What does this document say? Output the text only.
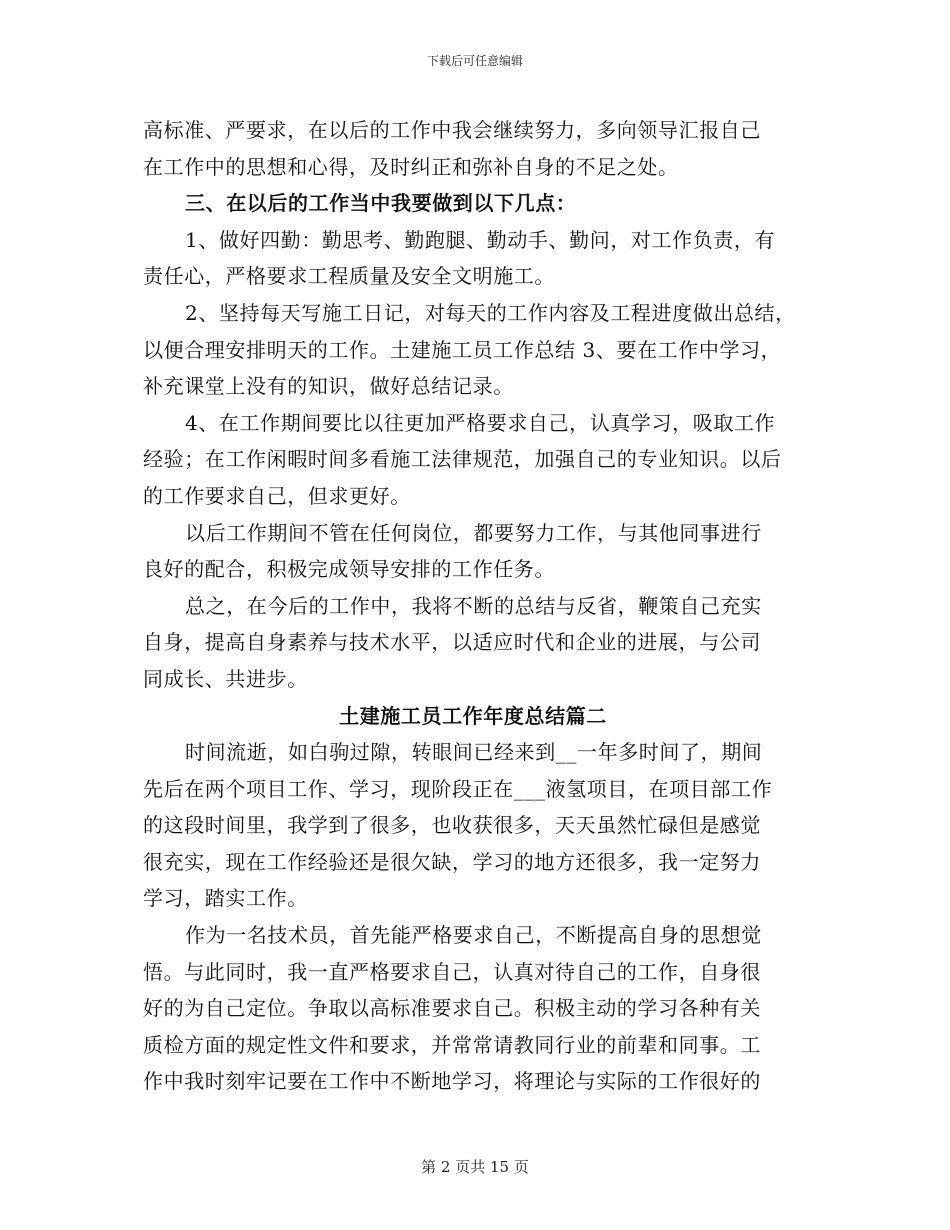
下载后可任意编辑
高标准、严要求，在以后的工作中我会继续努力，多向领导汇报自己
在工作中的思想和心得，及时纠正和弥补自身的不足之处。
三、在以后的工作当中我要做到以下几点：
1、做好四勤：勤思考、勤跑腿、勤动手、勤问，对工作负责，有
责任心，严格要求工程质量及安全文明施工。
2、坚持每天写施工日记，对每天的工作内容及工程进度做出总结，
以便合理安排明天的工作。土建施工员工作总结 3、要在工作中学习，
补充课堂上没有的知识，做好总结记录。
4、在工作期间要比以往更加严格要求自己，认真学习，吸取工作
经验；在工作闲暇时间多看施工法律规范，加强自己的专业知识。以后
的工作要求自己，但求更好。
以后工作期间不管在任何岗位，都要努力工作，与其他同事进行
良好的配合，积极完成领导安排的工作任务。
总之，在今后的工作中，我将不断的总结与反省，鞭策自己充实
自身，提高自身素养与技术水平，以适应时代和企业的进展，与公司
同成长、共进步。
土建施工员工作年度总结篇二
时间流逝，如白驹过隙，转眼间已经来到__一年多时间了，期间
先后在两个项目工作、学习，现阶段正在___液氢项目，在项目部工作
的这段时间里，我学到了很多，也收获很多，天天虽然忙碌但是感觉
很充实，现在工作经验还是很欠缺，学习的地方还很多，我一定努力
学习，踏实工作。
作为一名技术员，首先能严格要求自己，不断提高自身的思想觉
悟。与此同时，我一直严格要求自己，认真对待自己的工作，自身很
好的为自己定位。争取以高标准要求自己。积极主动的学习各种有关
质检方面的规定性文件和要求，并常常请教同行业的前辈和同事。工
作中我时刻牢记要在工作中不断地学习，将理论与实际的工作很好的
第 2 页共 15 页
